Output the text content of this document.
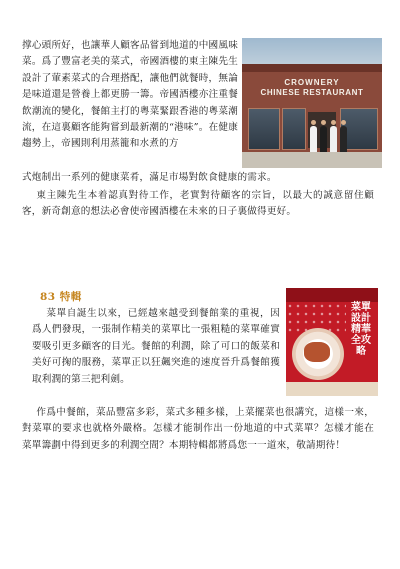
撑心頭所好，也讓華人顧客品嘗到地道的中國風味菜。爲了豐富老美的菜式，帝國酒樓的東主陳先生設計了葷素菜式的合理搭配，讓他們就餐時，無論是味道還是營養上都更勝一籌。帝國酒樓亦注重餐飲潮流的變化，餐館主打的粵菜緊跟香港的粵菜潮流，在這裏顧客能夠嘗到最新潮的“港味”。在健康趨勢上，帝國則利用蒸籠和水煮的方

CROWNERY
CHINESE RESTAURANT

式炮制出一系列的健康菜肴，滿足市場對飲食健康的需求。

東主陳先生本着認真對待工作，老實對待顧客的宗旨，以最大的誠意留住顧客，新奇創意的想法必會使帝國酒樓在未來的日子裏做得更好。

83 特輯

菜單自誕生以來，已經越來越受到餐館業的重視，因爲人們發現，一張制作精美的菜單比一張粗糙的菜單確實要吸引更多顧客的目光。餐館的利潤，除了可口的飯菜和美好可掬的服務，菜單正以狂飆突進的速度晉升爲餐館獲取利潤的第三把利劍。

菜單設計精華全攻略

作爲中餐館，菜品豐富多彩，菜式多種多樣，上菜擺菜也很講究，這樣一來，對菜單的要求也就格外嚴格。怎樣才能制作出一份地道的中式菜單？怎樣才能在菜單籌劃中得到更多的利潤空間？本期特輯都將爲您一一道來，敬請期待！
